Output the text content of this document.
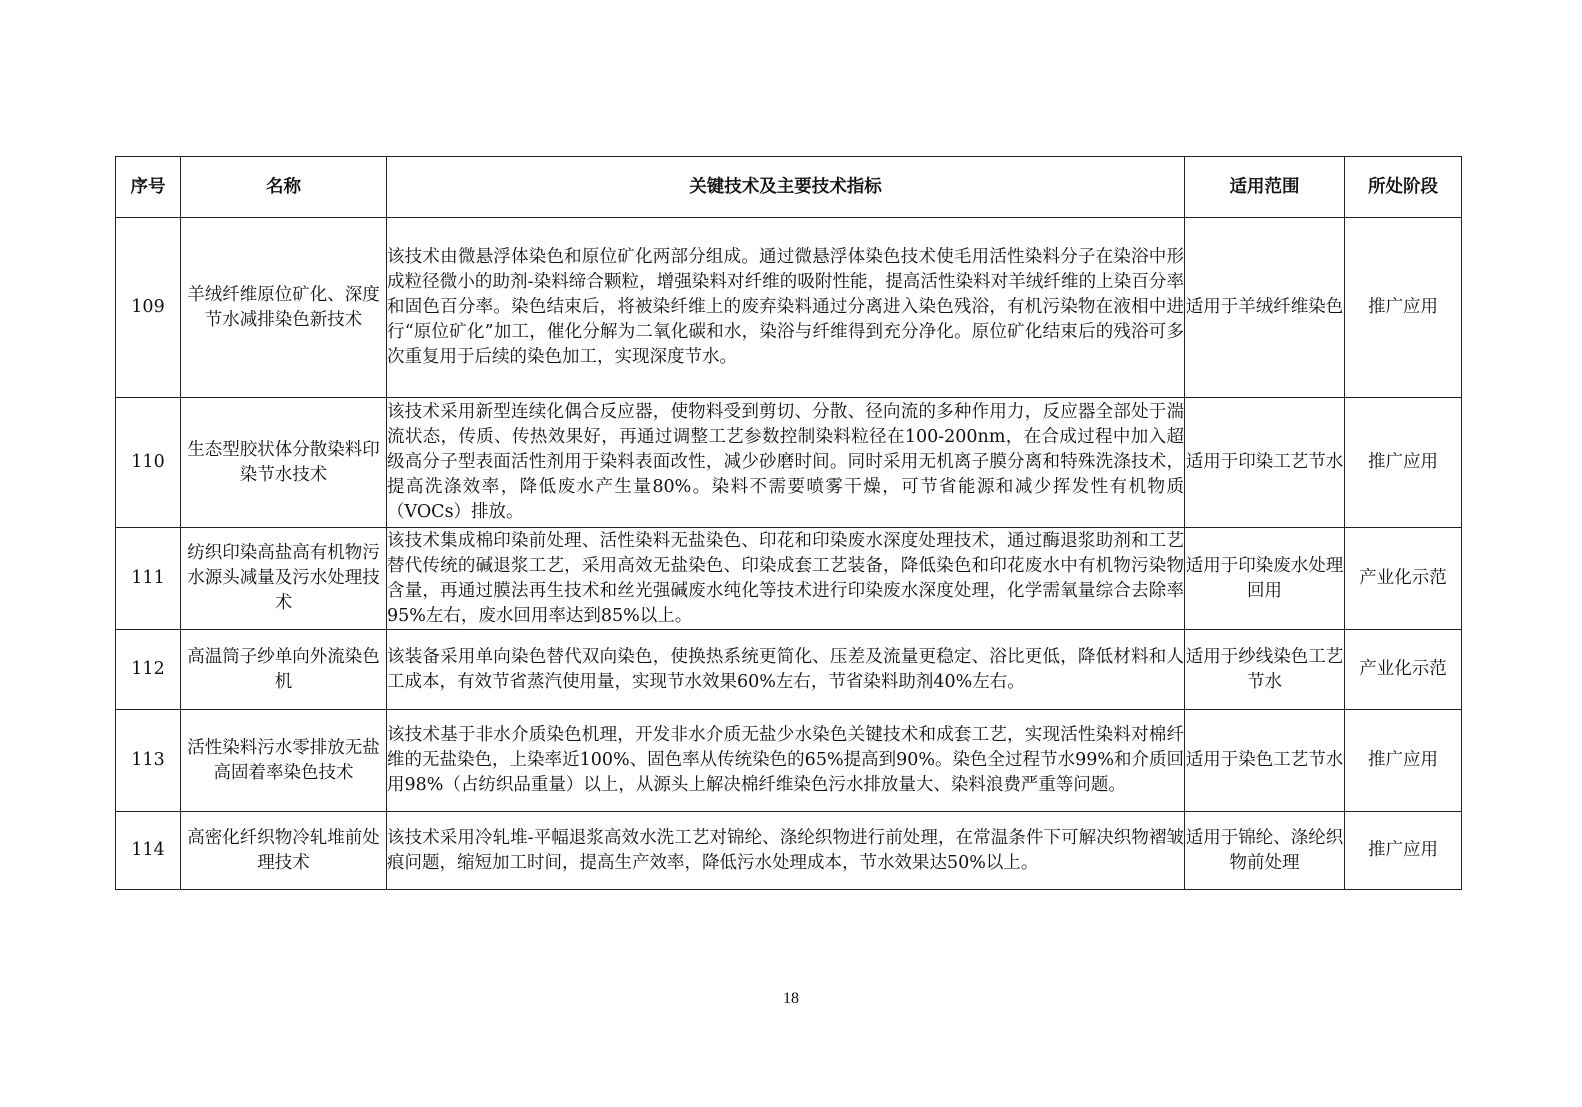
序号	名称	关键技术及主要技术指标	适用范围	所处阶段
109	羊绒纤维原位矿化、深度节水减排染色新技术	该技术由微悬浮体染色和原位矿化两部分组成。通过微悬浮体染色技术使毛用活性染料分子在染浴中形成粒径微小的助剂-染料缔合颗粒，增强染料对纤维的吸附性能，提高活性染料对羊绒纤维的上染百分率和固色百分率。染色结束后，将被染纤维上的废弃染料通过分离进入染色残浴，有机污染物在液相中进行“原位矿化”加工，催化分解为二氧化碳和水，染浴与纤维得到充分净化。原位矿化结束后的残浴可多次重复用于后续的染色加工，实现深度节水。	适用于羊绒纤维染色	推广应用
110	生态型胶状体分散染料印染节水技术	该技术采用新型连续化偶合反应器，使物料受到剪切、分散、径向流的多种作用力，反应器全部处于湍流状态，传质、传热效果好，再通过调整工艺参数控制染料粒径在100-200nm，在合成过程中加入超级高分子型表面活性剂用于染料表面改性，减少砂磨时间。同时采用无机离子膜分离和特殊洗涤技术，提高洗涤效率，降低废水产生量80%。染料不需要喷雾干燥，可节省能源和减少挥发性有机物质（VOCs）排放。	适用于印染工艺节水	推广应用
111	纺织印染高盐高有机物污水源头减量及污水处理技术	该技术集成棉印染前处理、活性染料无盐染色、印花和印染废水深度处理技术，通过酶退浆助剂和工艺替代传统的碱退浆工艺，采用高效无盐染色、印染成套工艺装备，降低染色和印花废水中有机物污染物含量，再通过膜法再生技术和丝光强碱废水纯化等技术进行印染废水深度处理，化学需氧量综合去除率95%左右，废水回用率达到85%以上。	适用于印染废水处理回用	产业化示范
112	高温筒子纱单向外流染色机	该装备采用单向染色替代双向染色，使换热系统更简化、压差及流量更稳定、浴比更低，降低材料和人工成本，有效节省蒸汽使用量，实现节水效果60%左右，节省染料助剂40%左右。	适用于纱线染色工艺节水	产业化示范
113	活性染料污水零排放无盐高固着率染色技术	该技术基于非水介质染色机理，开发非水介质无盐少水染色关键技术和成套工艺，实现活性染料对棉纤维的无盐染色，上染率近100%、固色率从传统染色的65%提高到90%。染色全过程节水99%和介质回用98%（占纺织品重量）以上，从源头上解决棉纤维染色污水排放量大、染料浪费严重等问题。	适用于染色工艺节水	推广应用
114	高密化纤织物冷轧堆前处理技术	该技术采用冷轧堆-平幅退浆高效水洗工艺对锦纶、涤纶织物进行前处理，在常温条件下可解决织物褶皱痕问题，缩短加工时间，提高生产效率，降低污水处理成本，节水效果达50%以上。	适用于锦纶、涤纶织物前处理	推广应用
18
